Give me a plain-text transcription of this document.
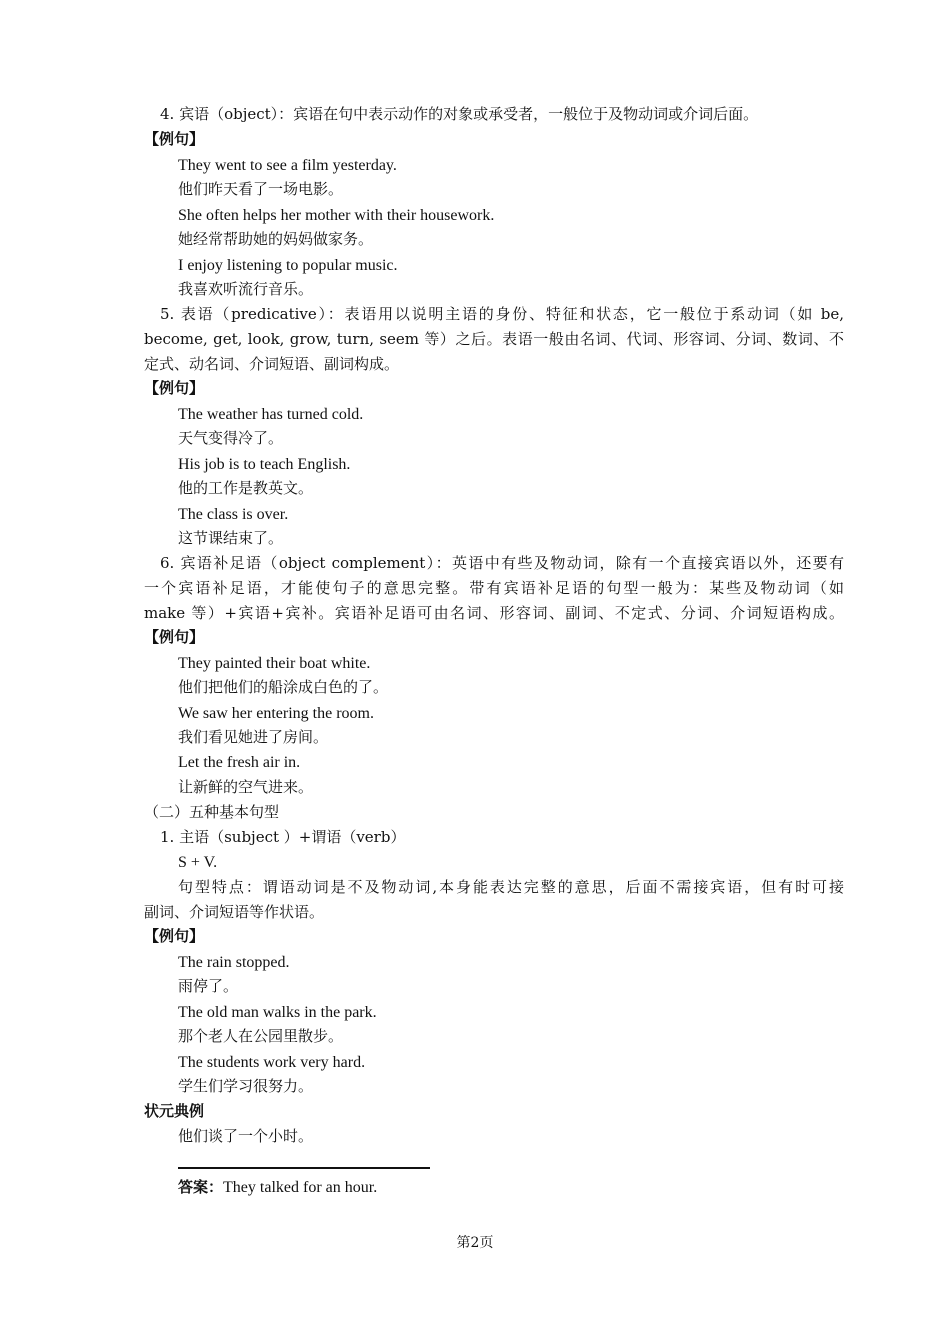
4. 宾语（object）：宾语在句中表示动作的对象或承受者，一般位于及物动词或介词后面。
【例句】
They went to see a film yesterday.
他们昨天看了一场电影。
She often helps her mother with their housework.
她经常帮助她的妈妈做家务。
I enjoy listening to popular music.
我喜欢听流行音乐。
5. 表语（predicative）：表语用以说明主语的身份、特征和状态，它一般位于系动词（如 be,
become, get, look, grow, turn, seem 等）之后。表语一般由名词、代词、形容词、分词、数词、不
定式、动名词、介词短语、副词构成。
【例句】
The weather has turned cold.
天气变得冷了。
His job is to teach English.
他的工作是教英文。
The class is over.
这节课结束了。
6. 宾语补足语（object complement）：英语中有些及物动词，除有一个直接宾语以外，还要有
一个宾语补足语，才能使句子的意思完整。带有宾语补足语的句型一般为：某些及物动词（如
make 等）+宾语+宾补。宾语补足语可由名词、形容词、副词、不定式、分词、介词短语构成。
【例句】
They painted their boat white.
他们把他们的船涂成白色的了。
We saw her entering the room.
我们看见她进了房间。
Let the fresh air in.
让新鲜的空气进来。
（二）五种基本句型
1. 主语（subject ）+谓语（verb）
S + V.
句型特点：谓语动词是不及物动词,本身能表达完整的意思，后面不需接宾语，但有时可接
副词、介词短语等作状语。
【例句】
The rain stopped.
雨停了。
The old man walks in the park.
那个老人在公园里散步。
The students work very hard.
学生们学习很努力。
状元典例
他们谈了一个小时。
答案：They talked for an hour.
第2页
